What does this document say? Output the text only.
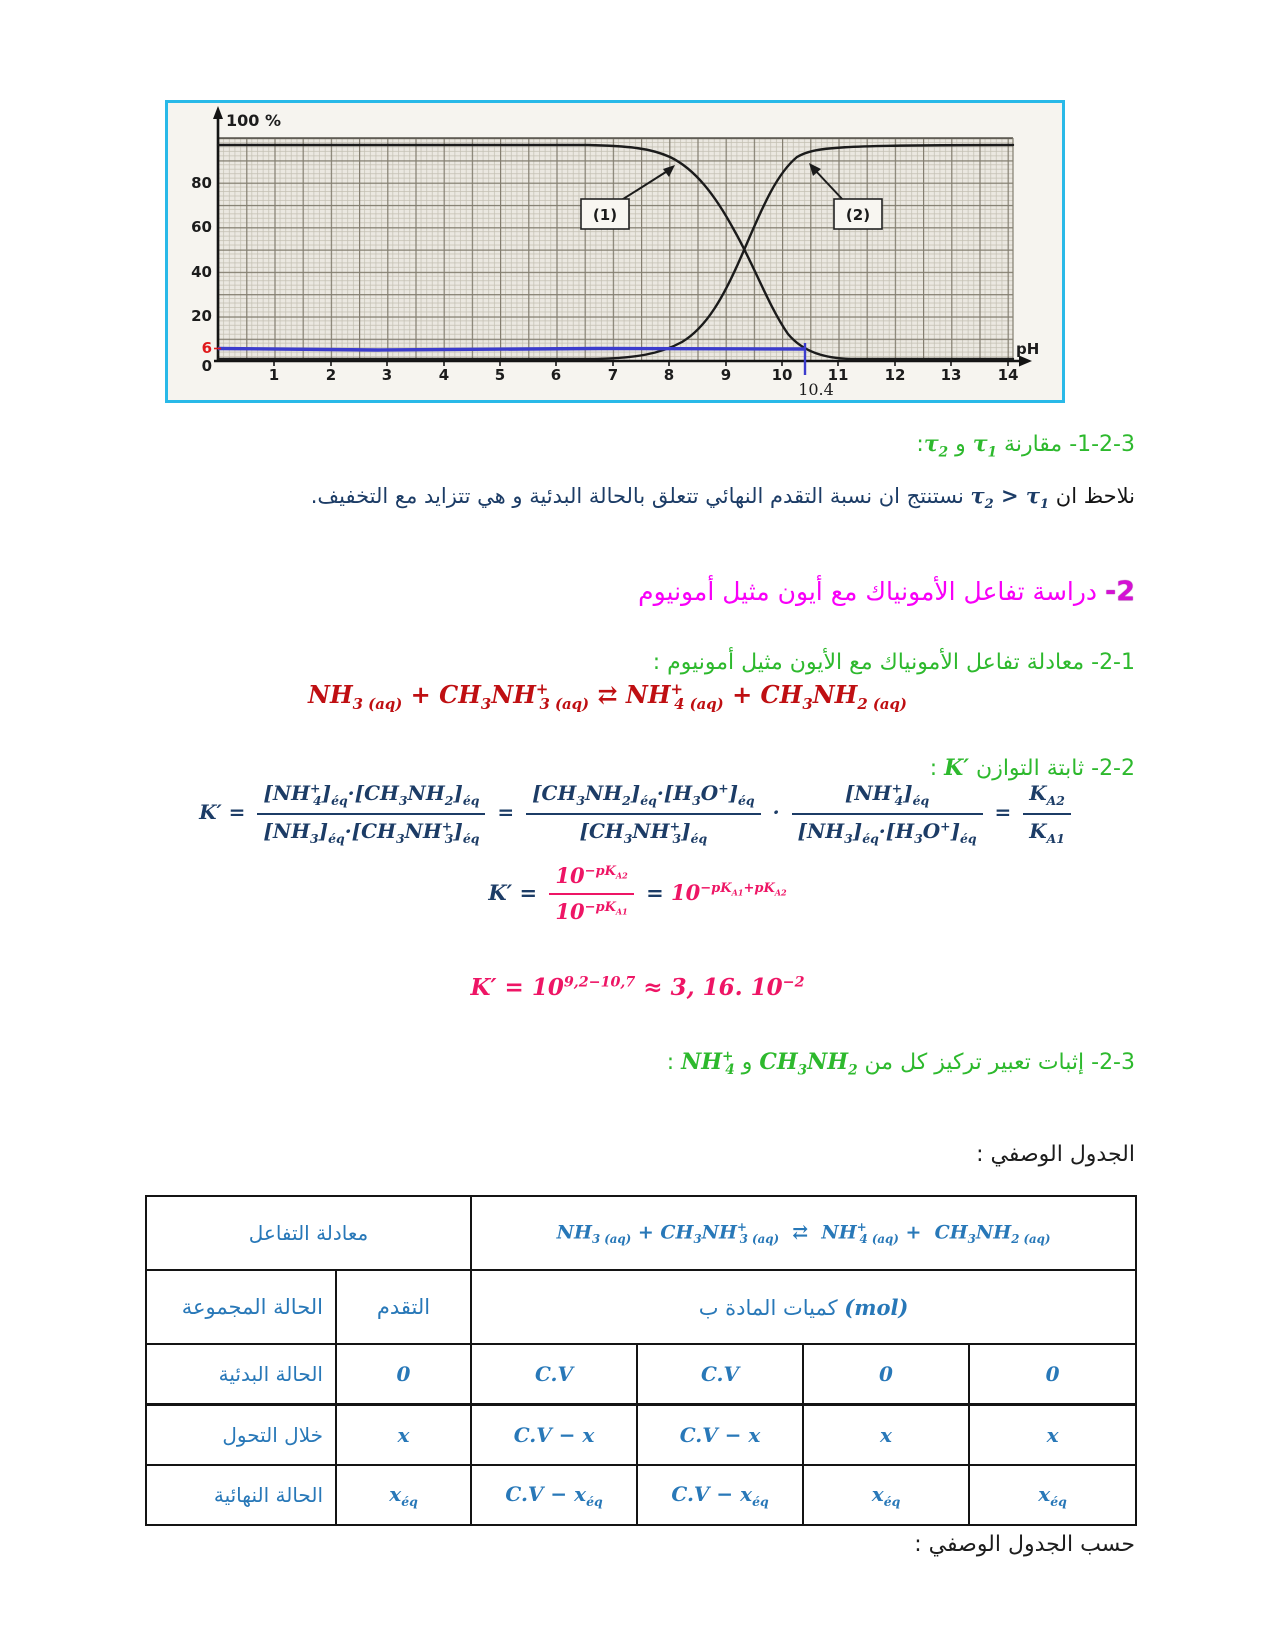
(1)	(2)
100 %
80
60
40
20
6
0	1	2	3	4	5	6	7	8	9	10 11 12 13 14
pH
10.4
-1-2-3 مقارنة $\tau_1$ و $\tau_2$:
نلاحظ ان $\tau_2 > \tau_1$ نستنتج ان نسبة التقدم النهائي تتعلق بالحالة البدئية و هي تتزايد مع التخفيف.
-2 دراسة تفاعل الأمونياك مع أيون مثيل أمونيوم
-2-1 معادلة تفاعل الأمونياك مع الأيون مثيل أمونيوم :
$NH_{3 (aq)} + CH_3NH^+_{3 (aq)}$ ⇄ $NH^+_{4 (aq)} + CH_3NH_{2 (aq)}$
-2-2 ثابتة التوازن K′ :
$K' = \frac{[NH^+_4]_{éq}\cdot[CH_3NH_2]_{éq}}{[NH_3]_{éq}\cdot[CH_3NH^+_3]_{éq}} = \frac{[CH_3NH_2]_{éq}\cdot[H_3O^+]_{éq}}{[CH_3NH^+_3]_{éq}} \cdot \frac{[NH^+_4]_{éq}}{[NH_3]_{éq}\cdot[H_3O^+]_{éq}} = \frac{K_{A2}}{K_{A1}}$
K′ =
$10^{-pK_{A2}}$
$10^{-pK_{A1}}$
= $10^{-pK_{A1}+pK_{A2}}$
$K' = 10^{9,2-10,7} \approx 3$, 16. $10^{-2}$
-2-3 إثبات تعبير تركيز كل من $CH_3NH_2$ و $NH^+_4$ :
الجدول الوصفي :
معادلة التفاعل		$NH_{3 (aq)} + CH_3NH^+_{3 (aq)}$  ⇄  $NH^+_{4 (aq)} + CH_3NH_{2 (aq)}$
الحالة المجموعة	التقدم	كميات المادة ب (mol)			
الحالة البدئية	0	C.V	C.V	0	0
خلال التحول	x	C.V − x	C.V − x	x	x
الحالة النهائية	$x_{éq}$	$C.V - x_{éq}$	$C.V - x_{éq}$	$x_{éq}$	$x_{éq}$
حسب الجدول الوصفي :
